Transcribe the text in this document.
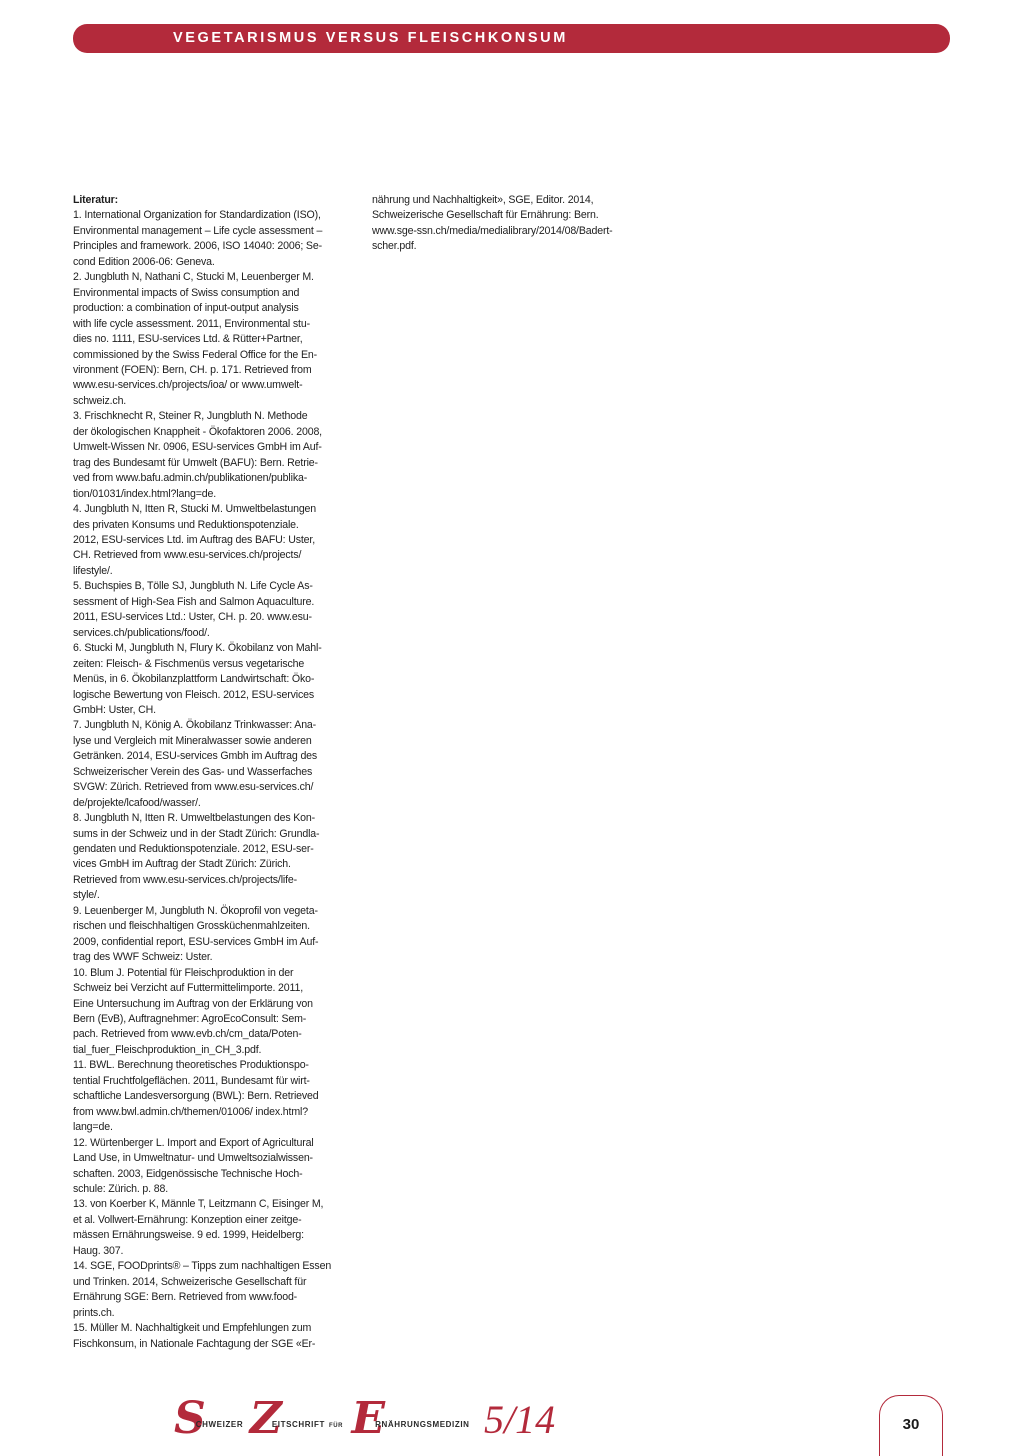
VEGETARISMUS VERSUS FLEISCHKONSUM
Literatur:
1. International Organization for Standardization (ISO),
Environmental management – Life cycle assessment –
Principles and framework. 2006, ISO 14040: 2006; Se-
cond Edition 2006-06: Geneva.
2. Jungbluth N, Nathani C, Stucki M, Leuenberger M.
Environmental impacts of Swiss consumption and
production: a combination of input-output analysis
with life cycle assessment. 2011, Environmental stu-
dies no. 1111, ESU-services Ltd. & Rütter+Partner,
commissioned by the Swiss Federal Office for the En-
vironment (FOEN): Bern, CH. p. 171. Retrieved from
www.esu-services.ch/projects/ioa/ or www.umwelt-
schweiz.ch.
3. Frischknecht R, Steiner R, Jungbluth N. Methode
der ökologischen Knappheit - Ökofaktoren 2006. 2008,
Umwelt-Wissen Nr. 0906, ESU-services GmbH im Auf-
trag des Bundesamt für Umwelt (BAFU): Bern. Retrie-
ved from www.bafu.admin.ch/publikationen/publika-
tion/01031/index.html?lang=de.
4. Jungbluth N, Itten R, Stucki M. Umweltbelastungen
des privaten Konsums und Reduktionspotenziale.
2012, ESU-services Ltd. im Auftrag des BAFU: Uster,
CH. Retrieved from www.esu-services.ch/projects/
lifestyle/.
5. Buchspies B, Tölle SJ, Jungbluth N. Life Cycle As-
sessment of High-Sea Fish and Salmon Aquaculture.
2011, ESU-services Ltd.: Uster, CH. p. 20. www.esu-
services.ch/publications/food/.
6. Stucki M, Jungbluth N, Flury K. Ökobilanz von Mahl-
zeiten: Fleisch- & Fischmenüs versus vegetarische
Menüs, in 6. Ökobilanzplattform Landwirtschaft: Öko-
logische Bewertung von Fleisch. 2012, ESU-services
GmbH: Uster, CH.
7. Jungbluth N, König A. Ökobilanz Trinkwasser: Ana-
lyse und Vergleich mit Mineralwasser sowie anderen
Getränken. 2014, ESU-services Gmbh im Auftrag des
Schweizerischer Verein des Gas- und Wasserfaches
SVGW: Zürich. Retrieved from www.esu-services.ch/
de/projekte/lcafood/wasser/.
8. Jungbluth N, Itten R. Umweltbelastungen des Kon-
sums in der Schweiz und in der Stadt Zürich: Grundla-
gendaten und Reduktionspotenziale. 2012, ESU-ser-
vices GmbH im Auftrag der Stadt Zürich: Zürich.
Retrieved from www.esu-services.ch/projects/life-
style/.
9. Leuenberger M, Jungbluth N. Ökoprofil von vegeta-
rischen und fleischhaltigen Grossküchenmahlzeiten.
2009, confidential report, ESU-services GmbH im Auf-
trag des WWF Schweiz: Uster.
10. Blum J. Potential für Fleischproduktion in der
Schweiz bei Verzicht auf Futtermittelimporte. 2011,
Eine Untersuchung im Auftrag von der Erklärung von
Bern (EvB), Auftragnehmer: AgroEcoConsult: Sem-
pach. Retrieved from www.evb.ch/cm_data/Poten-
tial_fuer_Fleischproduktion_in_CH_3.pdf.
11. BWL. Berechnung theoretisches Produktionspo-
tential Fruchtfolgeflächen. 2011, Bundesamt für wirt-
schaftliche Landesversorgung (BWL): Bern. Retrieved
from www.bwl.admin.ch/themen/01006/ index.html?
lang=de.
12. Würtenberger L. Import and Export of Agricultural
Land Use, in Umweltnatur- und Umweltsozialwissen-
schaften. 2003, Eidgenössische Technische Hoch-
schule: Zürich. p. 88.
13. von Koerber K, Männle T, Leitzmann C, Eisinger M,
et al. Vollwert-Ernährung: Konzeption einer zeitge-
mässen Ernährungsweise. 9 ed. 1999, Heidelberg:
Haug. 307.
14. SGE, FOODprints® – Tipps zum nachhaltigen Essen
und Trinken. 2014, Schweizerische Gesellschaft für
Ernährung SGE: Bern. Retrieved from www.food-
prints.ch.
15. Müller M. Nachhaltigkeit und Empfehlungen zum
Fischkonsum, in Nationale Fachtagung der SGE «Er-
nährung und Nachhaltigkeit», SGE, Editor. 2014,
Schweizerische Gesellschaft für Ernährung: Bern.
www.sge-ssn.ch/media/medialibrary/2014/08/Badert-
scher.pdf.
$S^{CHWEIZER}$ $Z^{EITSCHRIFT}$ $^{FÜR}$ $E^{RNÄHRUNGSMEDIZIN}$ 5/14	30
